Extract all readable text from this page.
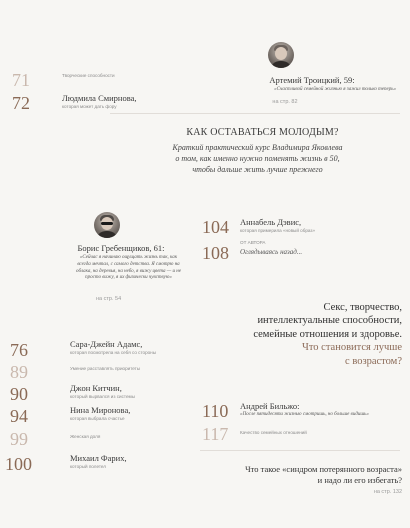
71	Творческие способности
72	Людмила Смирнова,
которая может дать фору
Артемий Троицкий, 59:
«Счастливой семейной жизнью я зажил только теперь»
на стр. 82
КАК ОСТАВАТЬСЯ МОЛОДЫМ?
Краткий практический курс Владимира Яковлева
о том, как именно нужно поменять жизнь в 50,
чтобы дальше жить лучше прежнего
Борис Гребенщиков, 61:
«Сейчас я начинаю ощущать жизнь так, как
всегда мечтал, с самого детства. Я смотрю на
облака, на деревья, на небо, я вижу цвета — и не
просто вижу, я их физически чувствую»
на стр. 54
104 Аннабель Дэвис,
которая примерила «новый образ»
108
ОТ АВТОРА
Оглядываясь назад...
Секс, творчество,
интеллектуальные способности,
семейные отношения и здоровье.
Что становится лучше
с возрастом?
76	Сара-Джейн Адамс,
которая посмотрела на себя со стороны
89	Умение расставлять приоритеты
90	Джон Китчин,
который вырвался из системы
94	Нина Миронова,
которая выбрала счастье
99	Женская доля
100	Михаил Фарих,
который полетел
110 Андрей Бильжо:
«После пятидесяти жизнью смотришь, но больше видишь»
117	Качество семейных отношений
Что такое «синдром потерянного возраста»
и надо ли его избегать?
на стр. 132
